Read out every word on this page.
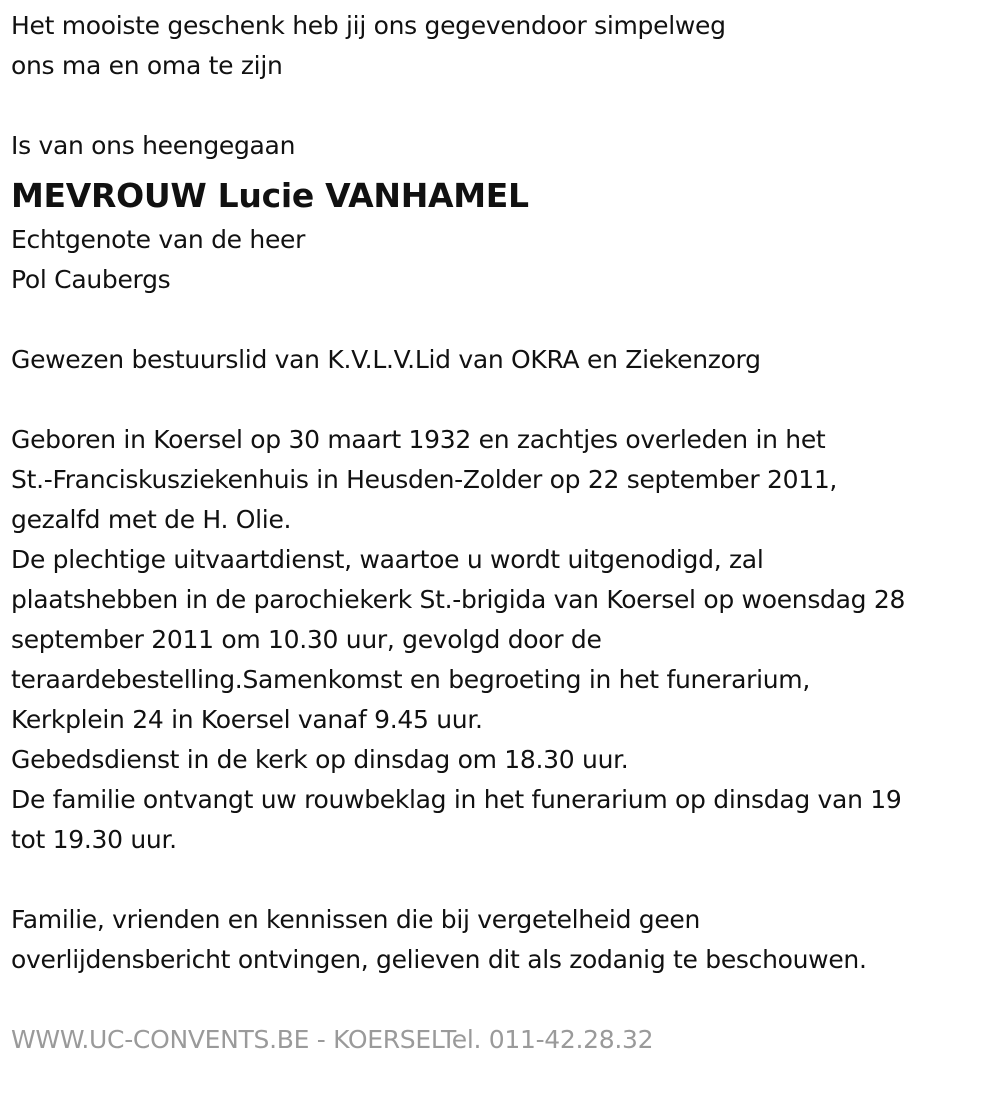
Het mooiste geschenk heb jij ons gegevendoor simpelweg
ons ma en oma te zijn
Is van ons heengegaan
MEVROUW Lucie VANHAMEL
Echtgenote van de heer
Pol Caubergs
Gewezen bestuurslid van K.V.L.V.Lid van OKRA en Ziekenzorg
Geboren in Koersel op 30 maart 1932 en zachtjes overleden in het
St.-Franciskusziekenhuis in Heusden-Zolder op 22 september 2011,
gezalfd met de H. Olie.
De plechtige uitvaartdienst, waartoe u wordt uitgenodigd, zal
plaatshebben in de parochiekerk St.-brigida van Koersel op woensdag 28
september 2011 om 10.30 uur, gevolgd door de
teraardebestelling.Samenkomst en begroeting in het funerarium,
Kerkplein 24 in Koersel vanaf 9.45 uur.
Gebedsdienst in de kerk op dinsdag om 18.30 uur.
De familie ontvangt uw rouwbeklag in het funerarium op dinsdag van 19
tot 19.30 uur.
Familie, vrienden en kennissen die bij vergetelheid geen
overlijdensbericht ontvingen, gelieven dit als zodanig te beschouwen.
WWW.UC-CONVENTS.BE - KOERSELTel. 011-42.28.32
